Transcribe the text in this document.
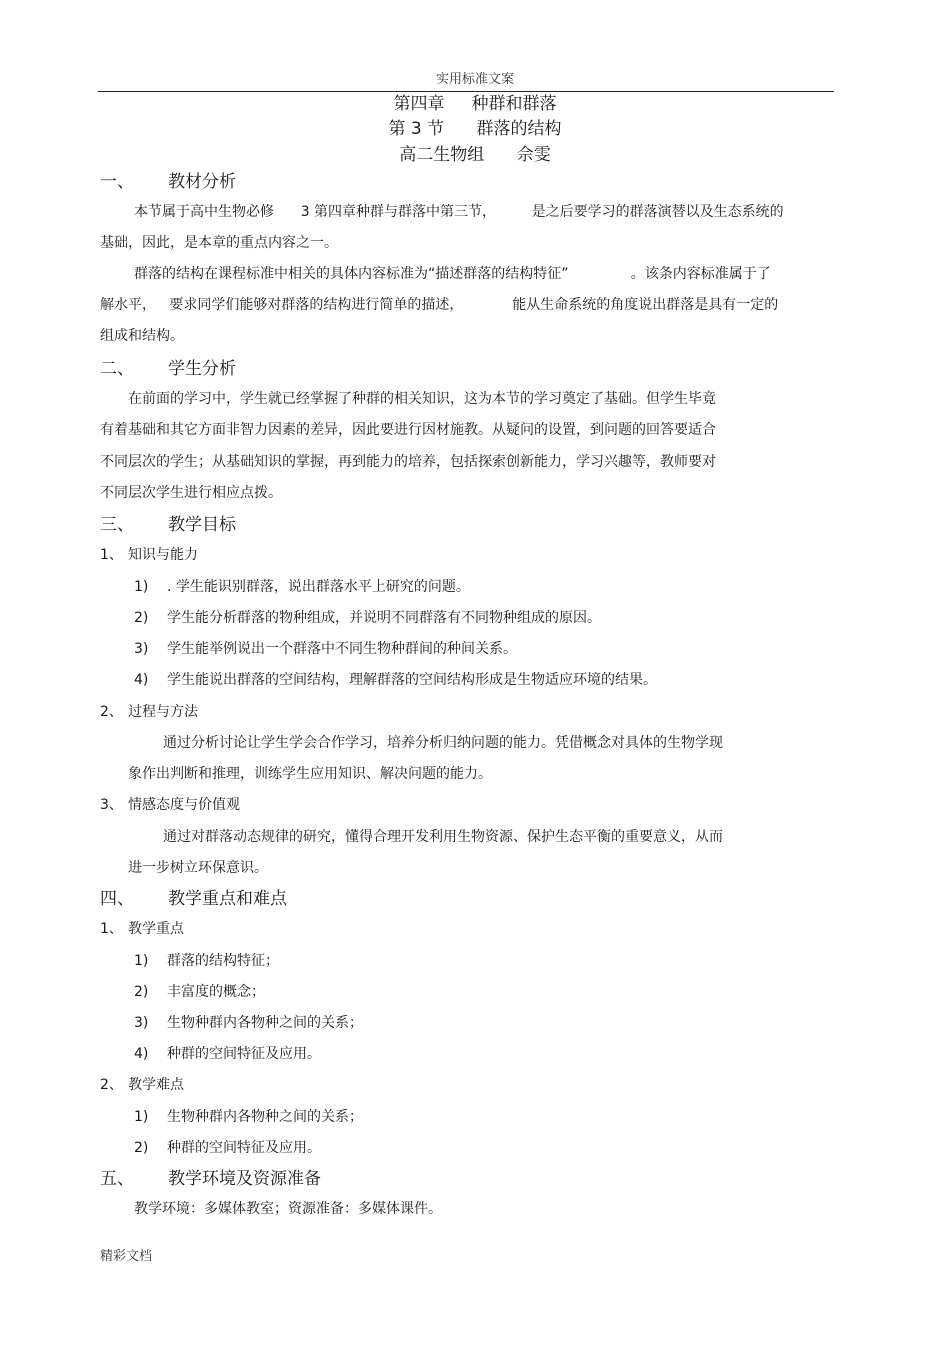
实用标准文案
第四章     种群和群落
第 3 节      群落的结构
高二生物组      佘雯
一、 教材分析
本节属于高中生物必修      3 第四章种群与群落中第三节，        是之后要学习的群落演替以及生态系统的
基础，因此，是本章的重点内容之一。
群落的结构在课程标准中相关的具体内容标准为“描述群落的结构特征”              。该条内容标准属于了
解水平，   要求同学们能够对群落的结构进行简单的描述，           能从生命系统的角度说出群落是具有一定的
组成和结构。
二、 学生分析
在前面的学习中，学生就已经掌握了种群的相关知识，这为本节的学习奠定了基础。但学生毕竟
有着基础和其它方面非智力因素的差异，因此要进行因材施教。从疑问的设置，到问题的回答要适合
不同层次的学生；从基础知识的掌握，再到能力的培养，包括探索创新能力，学习兴趣等，教师要对
不同层次学生进行相应点拨。
三、 教学目标
1、 知识与能力
1) . 学生能识别群落，说出群落水平上研究的问题。
2) 学生能分析群落的物种组成，并说明不同群落有不同物种组成的原因。
3) 学生能举例说出一个群落中不同生物种群间的种间关系。
4) 学生能说出群落的空间结构，理解群落的空间结构形成是生物适应环境的结果。
2、 过程与方法
通过分析讨论让学生学会合作学习，培养分析归纳问题的能力。凭借概念对具体的生物学现
象作出判断和推理，训练学生应用知识、解决问题的能力。
3、 情感态度与价值观
通过对群落动态规律的研究，懂得合理开发利用生物资源、保护生态平衡的重要意义，从而
进一步树立环保意识。
四、 教学重点和难点
1、 教学重点
1) 群落的结构特征；
2) 丰富度的概念；
3) 生物种群内各物种之间的关系；
4) 种群的空间特征及应用。
2、 教学难点
1) 生物种群内各物种之间的关系；
2) 种群的空间特征及应用。
五、 教学环境及资源准备
教学环境：多媒体教室；资源准备：多媒体课件。
精彩文档
